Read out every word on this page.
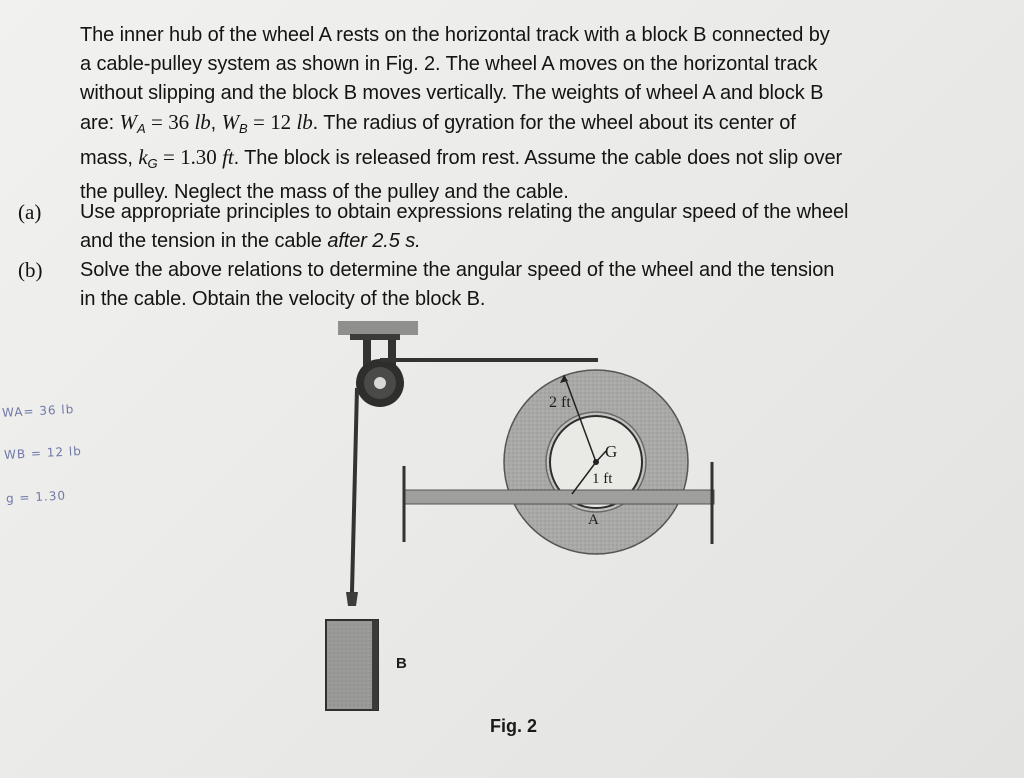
The inner hub of the wheel A rests on the horizontal track with a block B connected by
a cable-pulley system as shown in Fig. 2. The wheel A moves on the horizontal track
without slipping and the block B moves vertically. The weights of wheel A and block B
are: $W_A = 36$ lb, $W_B = 12$ lb. The radius of gyration for the wheel about its center of
mass, $k_G = 1.30$ ft. The block is released from rest. Assume the cable does not slip over
the pulley. Neglect the mass of the pulley and the cable.
(a) Use appropriate principles to obtain expressions relating the angular speed of the wheel
and the tension in the cable after 2.5 s.
(b) Solve the above relations to determine the angular speed of the wheel and the tension
in the cable. Obtain the velocity of the block B.
WA= 36 lb
WB = 12 lb
g = 1.30
2 ft
G
1 ft
A
B
Fig. 2
